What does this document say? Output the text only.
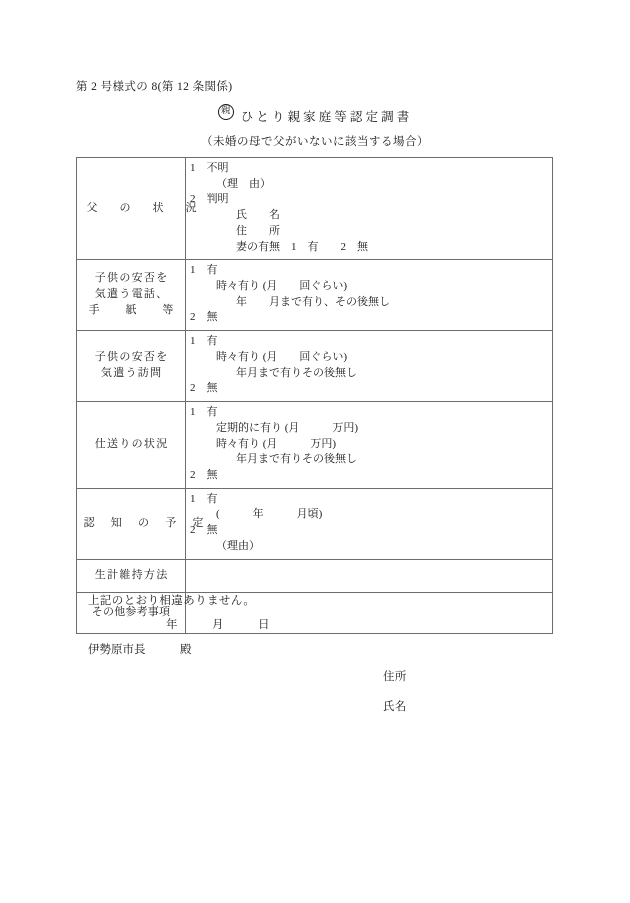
第 2 号様式の 8(第 12 条関係)
親 ひとり親家庭等認定調書
（未婚の母で父がいないに該当する場合）
父　の　状　況

1　不明
（理　由）
2　判明
氏　　名
住　　所
妻の有無　1　有　　2　無

子供の安否を
気遣う電話、
手　　紙　　等	1　有
時々有り (月　　回ぐらい)
年　　月まで有り、その後無し
2　無

子供の安否を
気遣う訪問	1　有
時々有り (月　　回ぐらい)
年月まで有りその後無し
2　無

仕送りの状況	1　有
定期的に有り (月　　　万円)
時々有り (月　　　万円)
年月まで有りその後無し
2　無

認　知　の　予　定	1　有
(　　　年　　　月頃)
2　無
（理由）

生計維持方法	

その他参考事項	

上記のとおり相違ありません。
年　　　月　　　日
伊勢原市長　　　殿
住所
氏名
